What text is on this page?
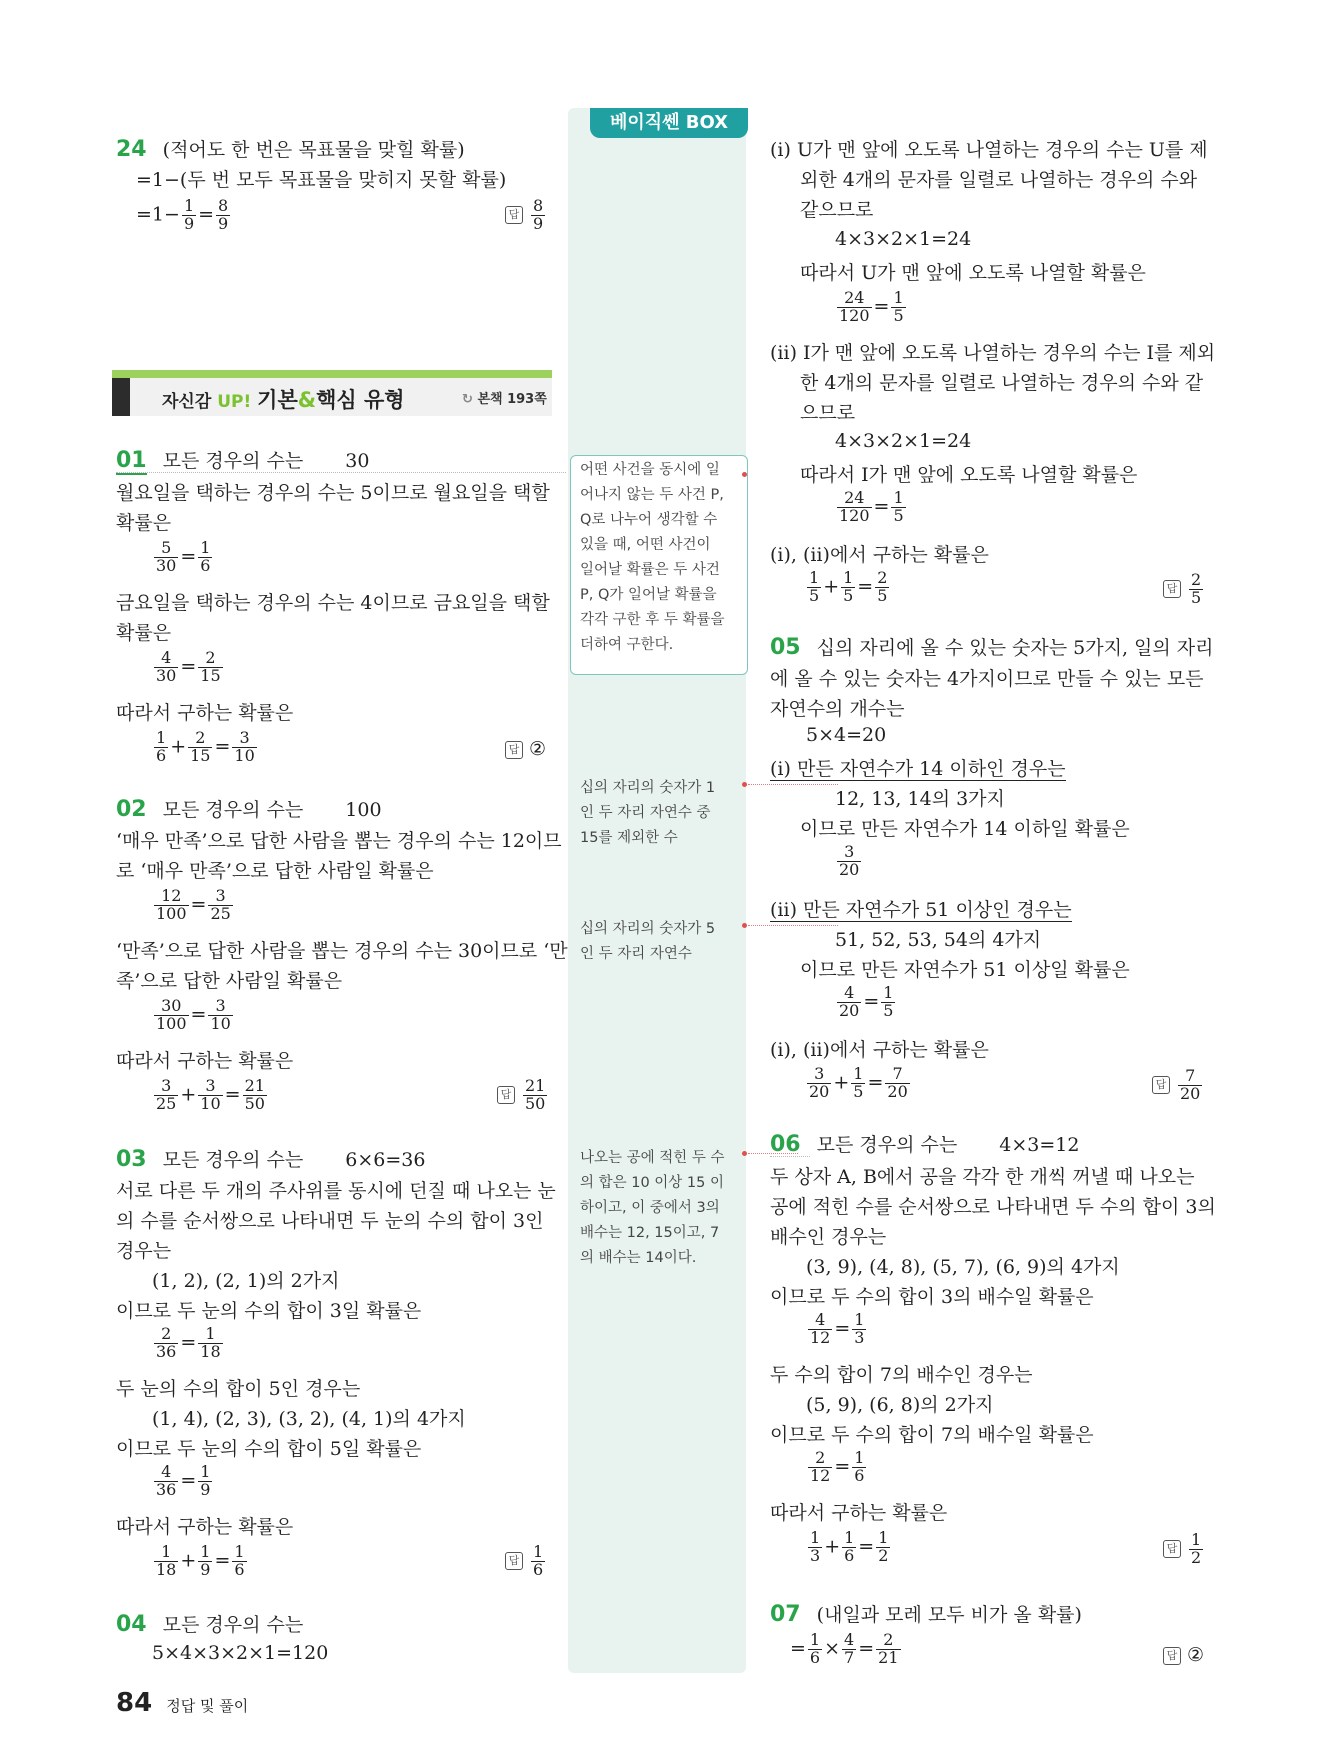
베이직쎈 BOX
어떤 사건을 동시에 일
어나지 않는 두 사건 P,
Q로 나누어 생각할 수
있을 때, 어떤 사건이
일어날 확률은 두 사건
P, Q가 일어날 확률을
각각 구한 후 두 확률을
더하여 구한다.
십의 자리의 숫자가 1
인 두 자리 자연수 중
15를 제외한 수
십의 자리의 숫자가 5
인 두 자리 자연수
나오는 공에 적힌 두 수
의 합은 10 이상 15 이
하이고, 이 중에서 3의
배수는 12, 15이고, 7
의 배수는 14이다.
24 (적어도 한 번은 목표물을 맞힐 확률)
=1−(두 번 모두 목표물을 맞히지 못할 확률)
$=1- \frac{1}{9} = \frac{8}{9}$	답 $\frac{8}{9}$
자신감 UP! 기본&핵심 유형	↻ 본책 193쪽
01 모든 경우의 수는 30
월요일을 택하는 경우의 수는 5이므로 월요일을 택할
확률은
$\frac{5}{30} = \frac{1}{6}$
금요일을 택하는 경우의 수는 4이므로 금요일을 택할
확률은
$\frac{4}{30} = \frac{2}{15}$
따라서 구하는 확률은
$\frac{1}{6} + \frac{2}{15} = \frac{3}{10}$	답 ②
02 모든 경우의 수는 100
‘매우 만족’으로 답한 사람을 뽑는 경우의 수는 12이므
로 ‘매우 만족’으로 답한 사람일 확률은
$\frac{12}{100} = \frac{3}{25}$
‘만족’으로 답한 사람을 뽑는 경우의 수는 30이므로 ‘만
족’으로 답한 사람일 확률은
$\frac{30}{100} = \frac{3}{10}$
따라서 구하는 확률은
$\frac{3}{25} + \frac{3}{10} = \frac{21}{50}$	답 $\frac{21}{50}$
03 모든 경우의 수는 6×6=36
서로 다른 두 개의 주사위를 동시에 던질 때 나오는 눈
의 수를 순서쌍으로 나타내면 두 눈의 수의 합이 3인
경우는
(1, 2), (2, 1)의 2가지
이므로 두 눈의 수의 합이 3일 확률은
$\frac{2}{36} = \frac{1}{18}$
두 눈의 수의 합이 5인 경우는
(1, 4), (2, 3), (3, 2), (4, 1)의 4가지
이므로 두 눈의 수의 합이 5일 확률은
$\frac{4}{36} = \frac{1}{9}$
따라서 구하는 확률은
$\frac{1}{18} + \frac{1}{9} = \frac{1}{6}$	답 $\frac{1}{6}$
04 모든 경우의 수는
5×4×3×2×1=120
84 정답 및 풀이
(ⅰ) U가 맨 앞에 오도록 나열하는 경우의 수는 U를 제
외한 4개의 문자를 일렬로 나열하는 경우의 수와
같으므로
4×3×2×1=24
따라서 U가 맨 앞에 오도록 나열할 확률은
$\frac{24}{120} = \frac{1}{5}$
(ⅱ) I가 맨 앞에 오도록 나열하는 경우의 수는 I를 제외
한 4개의 문자를 일렬로 나열하는 경우의 수와 같
으므로
4×3×2×1=24
따라서 I가 맨 앞에 오도록 나열할 확률은
$\frac{24}{120} = \frac{1}{5}$
(ⅰ), (ⅱ)에서 구하는 확률은
$\frac{1}{5} + \frac{1}{5} = \frac{2}{5}$	답 $\frac{2}{5}$
05 십의 자리에 올 수 있는 숫자는 5가지, 일의 자리
에 올 수 있는 숫자는 4가지이므로 만들 수 있는 모든
자연수의 개수는
5×4=20
(ⅰ) 만든 자연수가 14 이하인 경우는
12, 13, 14의 3가지
이므로 만든 자연수가 14 이하일 확률은
$\frac{3}{20}$
(ⅱ) 만든 자연수가 51 이상인 경우는
51, 52, 53, 54의 4가지
이므로 만든 자연수가 51 이상일 확률은
$\frac{4}{20} = \frac{1}{5}$
(ⅰ), (ⅱ)에서 구하는 확률은
$\frac{3}{20} + \frac{1}{5} = \frac{7}{20}$	답 $\frac{7}{20}$
06 모든 경우의 수는 4×3=12
두 상자 A, B에서 공을 각각 한 개씩 꺼낼 때 나오는
공에 적힌 수를 순서쌍으로 나타내면 두 수의 합이 3의
배수인 경우는
(3, 9), (4, 8), (5, 7), (6, 9)의 4가지
이므로 두 수의 합이 3의 배수일 확률은
$\frac{4}{12} = \frac{1}{3}$
두 수의 합이 7의 배수인 경우는
(5, 9), (6, 8)의 2가지
이므로 두 수의 합이 7의 배수일 확률은
$\frac{2}{12} = \frac{1}{6}$
따라서 구하는 확률은
$\frac{1}{3} + \frac{1}{6} = \frac{1}{2}$	답 $\frac{1}{2}$
07 (내일과 모레 모두 비가 올 확률)
= $\frac{1}{6} \times \frac{4}{7} = \frac{2}{21}$	답 ②
